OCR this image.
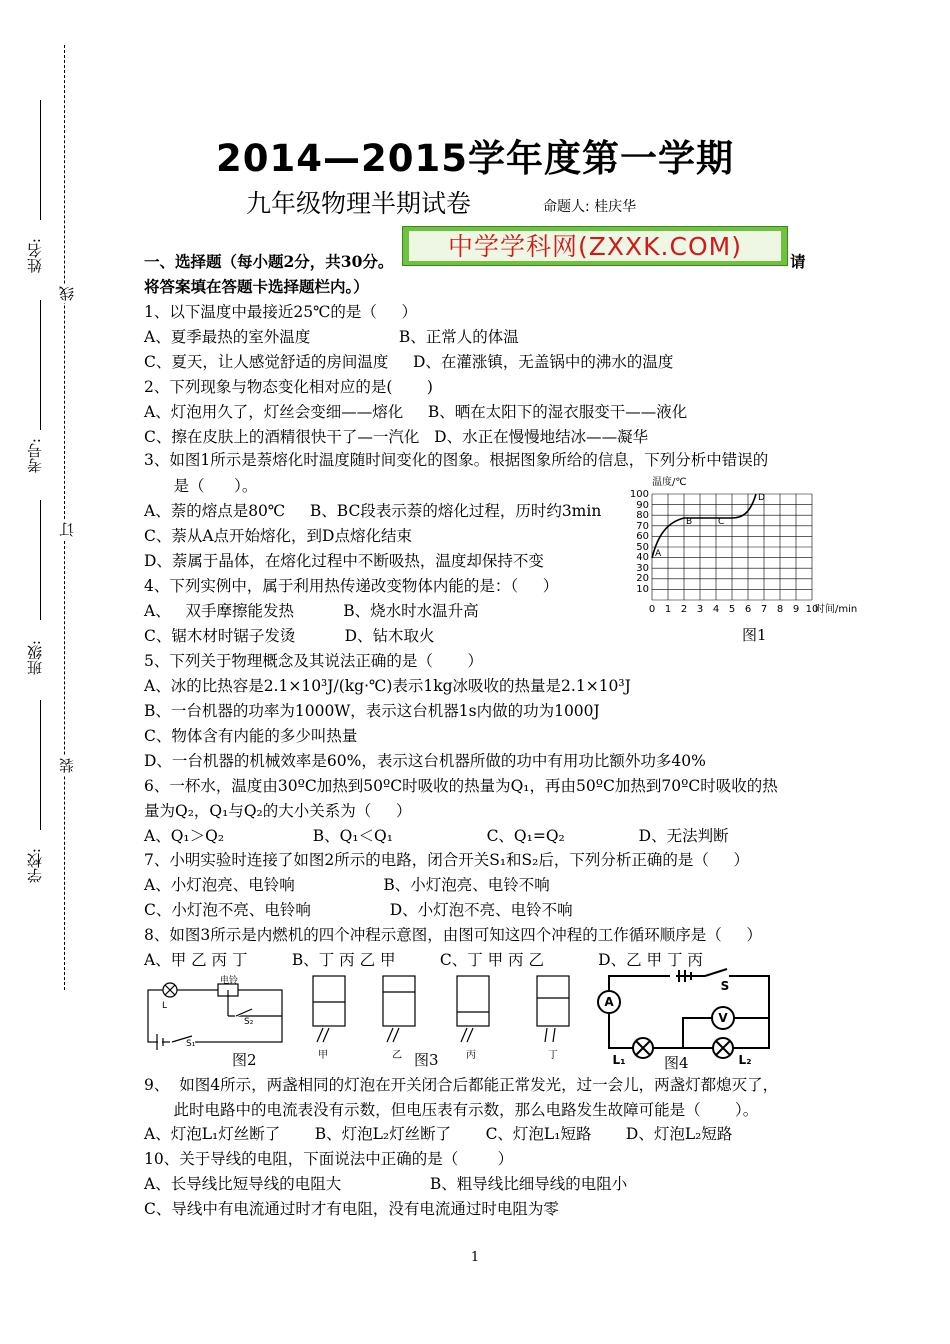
姓名:
考号:
班级:
学校:
线
订
装
2014—2015学年度第一学期
九年级物理半期试卷	命题人: 桂庆华
一、选择题（每小题2分，共30分。	请
将答案填在答题卡选择题栏内。）
中学学科网(ZXXK.COM)
1、以下温度中最接近25℃的是（     ）
A、夏季最热的室外温度                  B、正常人的体温
C、夏天，让人感觉舒适的房间温度     D、在灌涨镇，无盖锅中的沸水的温度
2、下列现象与物态变化相对应的是(       )
A、灯泡用久了，灯丝会变细——熔化     B、晒在太阳下的湿衣服变干——液化
C、擦在皮肤上的酒精很快干了—一汽化   D、水正在慢慢地结冰——凝华
3、如图1所示是萘熔化时温度随时间变化的图象。根据图象所给的信息，下列分析中错误的
是（      ）。
A、萘的熔点是80℃     B、BC段表示萘的熔化过程，历时约3min
C、萘从A点开始熔化，到D点熔化结束
D、萘属于晶体，在熔化过程中不断吸热，温度却保持不变
4、下列实例中，属于利用热传递改变物体内能的是：（     ）
A、   双手摩擦能发热          B、烧水时水温升高
C、锯木材时锯子发烫          D、钻木取火
5、下列关于物理概念及其说法正确的是（       ）
A、冰的比热容是2.1×10³J/(kg·℃)表示1kg冰吸收的热量是2.1×10³J
B、一台机器的功率为1000W，表示这台机器1s内做的功为1000J
C、物体含有内能的多少叫热量
D、一台机器的机械效率是60%，表示这台机器所做的功中有用功比额外功多40%
6、一杯水，温度由30ºC加热到50ºC时吸收的热量为Q₁，再由50ºC加热到70ºC时吸收的热
量为Q₂，Q₁与Q₂的大小关系为（     ）
A、Q₁＞Q₂                  B、Q₁＜Q₁                   C、Q₁=Q₂               D、无法判断
7、小明实验时连接了如图2所示的电路，闭合开关S₁和S₂后，下列分析正确的是（     ）
A、小灯泡亮、电铃响                  B、小灯泡亮、电铃不响
C、小灯泡不亮、电铃响                D、小灯泡不亮、电铃不响
8、如图3所示是内燃机的四个冲程示意图，由图可知这四个冲程的工作循环顺序是（     ）
A、甲 乙 丙 丁         B、丁 丙 乙 甲         C、丁 甲 丙 乙           D、乙 甲 丁 丙
9、  如图4所示，两盏相同的灯泡在开关闭合后都能正常发光，过一会儿，两盏灯都熄灭了，
此时电路中的电流表没有示数，但电压表有示数，那么电路发生故障可能是（       ）。
A、灯泡L₁灯丝断了       B、灯泡L₂灯丝断了       C、灯泡L₁短路       D、灯泡L₂短路
10、关于导线的电阻，下面说法中正确的是（        ）
A、长导线比短导线的电阻大                  B、粗导线比细导线的电阻小
C、导线中有电流通过时才有电阻，没有电流通过时电阻为零
温度/℃
100
90
80
70
60
50
40
30
20
10
0 1 2 3 4 5 6 7 8 9 10
时间/min
A
B	C
D
图1
L
电铃
S₂
S₁
图2	甲	乙	丙	丁
图3
A
V
S
L₁	L₂
图4
1
